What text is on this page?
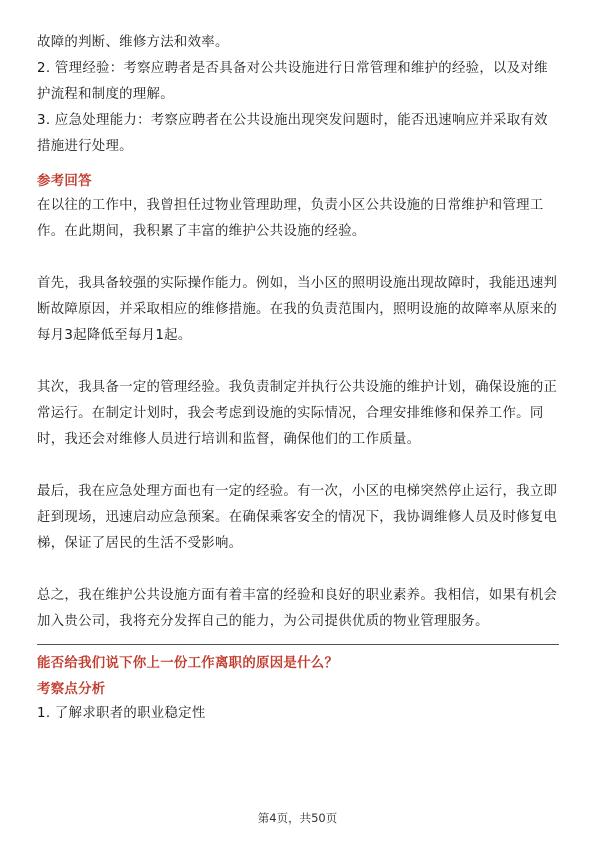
故障的判断、维修方法和效率。

2. 管理经验：考察应聘者是否具备对公共设施进行日常管理和维护的经验，以及对维护流程和制度的理解。

3. 应急处理能力：考察应聘者在公共设施出现突发问题时，能否迅速响应并采取有效措施进行处理。

参考回答

在以往的工作中，我曾担任过物业管理助理，负责小区公共设施的日常维护和管理工作。在此期间，我积累了丰富的维护公共设施的经验。

首先，我具备较强的实际操作能力。例如，当小区的照明设施出现故障时，我能迅速判断故障原因，并采取相应的维修措施。在我的负责范围内，照明设施的故障率从原来的每月3起降低至每月1起。

其次，我具备一定的管理经验。我负责制定并执行公共设施的维护计划，确保设施的正常运行。在制定计划时，我会考虑到设施的实际情况，合理安排维修和保养工作。同时，我还会对维修人员进行培训和监督，确保他们的工作质量。

最后，我在应急处理方面也有一定的经验。有一次，小区的电梯突然停止运行，我立即赶到现场，迅速启动应急预案。在确保乘客安全的情况下，我协调维修人员及时修复电梯，保证了居民的生活不受影响。

总之，我在维护公共设施方面有着丰富的经验和良好的职业素养。我相信，如果有机会加入贵公司，我将充分发挥自己的能力，为公司提供优质的物业管理服务。

能否给我们说下你上一份工作离职的原因是什么？

考察点分析

1. 了解求职者的职业稳定性

第4页，共50页
